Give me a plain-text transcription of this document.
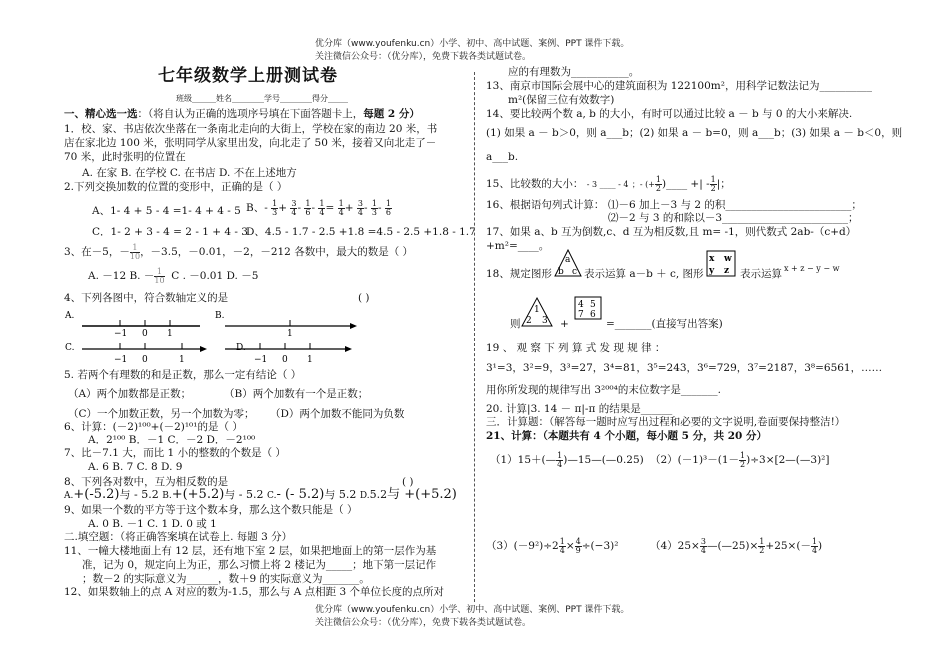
优分库（www.youfenku.cn）小学、初中、高中试题、案例、PPT 课件下载。
关注微信公众号：（优分库），免费下载各类试题试卷。
七年级数学上册测试卷
班级______姓名________学号________得分_____
一、精心选一选：（将自认为正确的选项序号填在下面答题卡上，每题 2 分）
1．校、家、书店依次坐落在一条南北走向的大街上，学校在家的南边 20 米，书
店在家北边 100 米，张明同学从家里出发，向北走了 50 米，接着又向北走了－
70 米，此时张明的位置在
A. 在家 B. 在学校 C. 在书店 D. 不在上述地方
2.下列交换加数的位置的变形中，正确的是（ ）
A、1- 4 + 5 - 4 =1- 4 + 4 - 5 B、- $\frac{1}{3} + \frac{3}{4} - \frac{1}{6} - \frac{1}{4} = \frac{1}{4} + \frac{3}{4} - \frac{1}{3} - \frac{1}{6}$
C．1- 2 + 3 - 4 = 2 - 1 + 4 - 3
D、4.5 - 1.7 - 2.5 +1.8 =4.5 - 2.5 +1.8 - 1.7
3、在－5，－ $\frac{1}{10}$ ，－3.5，－0.01，－2，－212 各数中，最大的数是（ ）
A. －12 B. － $\frac{1}{10}$ C . －0.01 D. －5
4、下列各图中，符合数轴定义的是	( )
A.
−1 0 1
B.
1
C.
−1 0	1
D.
−1 0 1
5. 若两个有理数的和是正数，那么一定有结论（ ）
（A）两个加数都是正数；	（B）两个加数有一个是正数；
（C）一个加数正数，另一个加数为零； （D）两个加数不能同为负数
6、计算：(－2)¹⁰⁰+(－2)¹⁰¹的是（ ）
A．2¹⁰⁰ B．－1 C．－2 D．－2¹⁰⁰
7、比－7.1 大，而比 1 小的整数的个数是（ ）
A. 6 B. 7 C. 8 D. 9
8、下列各对数中，互为相反数的是	( )
A.+(-5.2)与 - 5.2 B.+(+5.2)与 - 5.2 C.- (- 5.2)与 5.2 D.5.2与 +(+5.2)
9、如果一个数的平方等于这个数本身，那么这个数只能是（ ）
A. 0 B. －1 C. 1 D. 0 或 1
二.填空题：（将正确答案填在试卷上. 每题 3 分）
11、一幢大楼地面上有 12 层，还有地下室 2 层，如果把地面上的第一层作为基
准，记为 0，规定向上为正，那么习惯上将 2 楼记为_____；地下第一层记作
；数－2 的实际意义为______，数＋9 的实际意义为_______。
12、如果数轴上的点 A 对应的数为-1.5，那么与 A 点相距 3 个单位长度的点所对
应的有理数为___________。
13、南京市国际会展中心的建筑面积为 122100m²，用科学记数法记为__________
m²(保留三位有效数字)
14、要比较两个数 a, b 的大小，有时可以通过比较 a － b 与 0 的大小来解决.
(1) 如果 a － b＞0，则 a___b；(2) 如果 a － b=0，则 a___b；(3) 如果 a － b＜0，则
a___b.
15、比较数的大小： - 3 ____ - 4 ；- (+ $\frac{1}{2}$ )____ +| - $\frac{1}{2}$ |；
16、根据语句列式计算： ⑴－6 加上－3 与 2 的积________________________；
⑵－2 与 3 的和除以－3________________________；
17、如果 a、b 互为倒数,c、d 互为相反数,且 m= -1，则代数式 2ab-（c+d）
+m²=____。
18、规定图形
a
b c 表示运算 a－b ＋ c, 图形
x w
y z 表示运算 x + z − y − w
则
1
2 3 +
4 5
7 6
=_______(直接写出答案)
19 、 观 察 下 列 算 式 发 现 规 律 ：
3¹=3，3²=9，3³=27，3⁴=81，3⁵=243，3⁶=729，3⁷=2187，3⁸=6561，……
用你所发现的规律写出 3²⁰⁰⁴的末位数字是_______.
20. 计算|3. 14 － π|-π 的结果是______
三．计算题：（解答每一题时应写出过程和必要的文字说明,卷面要保持整洁!）
21、计算：（本题共有 4 个小题，每小题 5 分，共 20 分）
（1）15＋(— $\frac{1}{4}$ )—15—(—0.25) $(2)(-1)^3-(1- \frac{1}{2}$ )÷3×[2—(—3)²]
$(3)(-9^2)\div 2 \frac{1}{4} \times \frac{4}{9} \div(-3)^2$	$(4)25\times \frac{3}{4}$ —(—25)× $\frac{1}{2} +25\times(- \frac{1}{4}$ )
优分库（www.youfenku.cn）小学、初中、高中试题、案例、PPT 课件下载。
关注微信公众号：（优分库），免费下载各类试题试卷。
